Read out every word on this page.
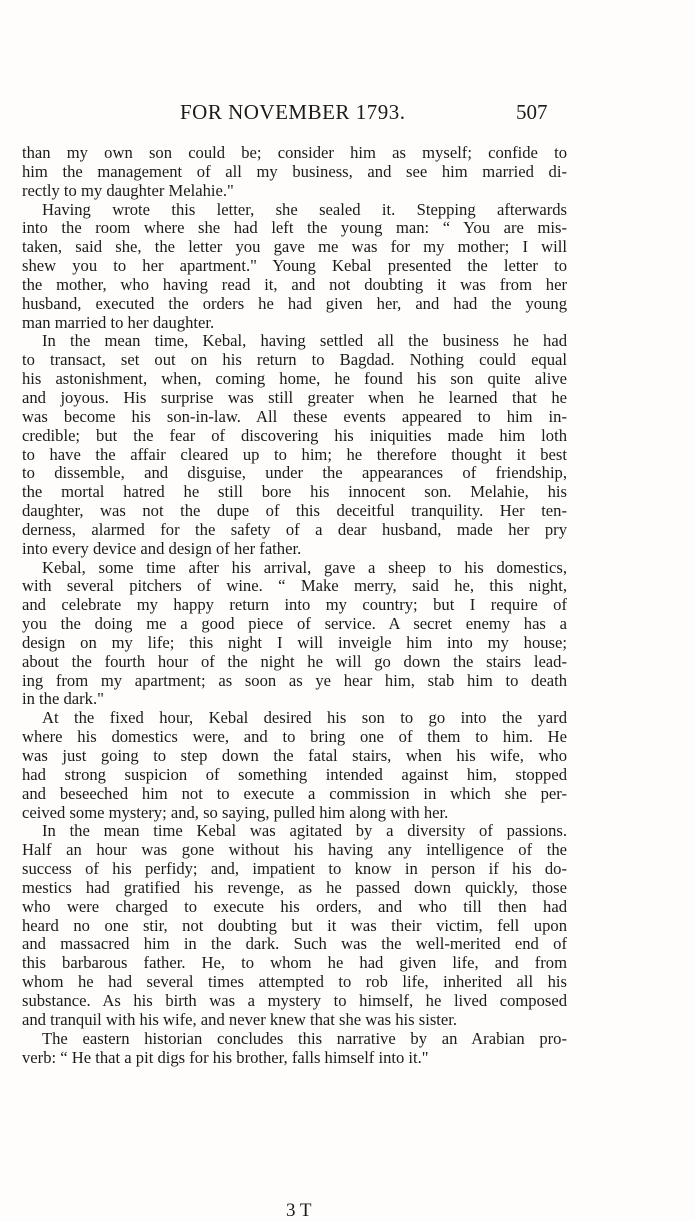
FOR NOVEMBER 1793.	507
than my own son could be; consider him as myself; confide to
him the management of all my business, and see him married di-
rectly to my daughter Melahie."
Having wrote this letter, she sealed it. Stepping afterwards
into the room where she had left the young man: “ You are mis-
taken, said she, the letter you gave me was for my mother; I will
shew you to her apartment." Young Kebal presented the letter to
the mother, who having read it, and not doubting it was from her
husband, executed the orders he had given her, and had the young
man married to her daughter.
In the mean time, Kebal, having settled all the business he had
to transact, set out on his return to Bagdad. Nothing could equal
his astonishment, when, coming home, he found his son quite alive
and joyous. His surprise was still greater when he learned that he
was become his son-in-law. All these events appeared to him in-
credible; but the fear of discovering his iniquities made him loth
to have the affair cleared up to him; he therefore thought it best
to dissemble, and disguise, under the appearances of friendship,
the mortal hatred he still bore his innocent son. Melahie, his
daughter, was not the dupe of this deceitful tranquility. Her ten-
derness, alarmed for the safety of a dear husband, made her pry
into every device and design of her father.
Kebal, some time after his arrival, gave a sheep to his domestics,
with several pitchers of wine. “ Make merry, said he, this night,
and celebrate my happy return into my country; but I require of
you the doing me a good piece of service. A secret enemy has a
design on my life; this night I will inveigle him into my house;
about the fourth hour of the night he will go down the stairs lead-
ing from my apartment; as soon as ye hear him, stab him to death
in the dark."
At the fixed hour, Kebal desired his son to go into the yard
where his domestics were, and to bring one of them to him. He
was just going to step down the fatal stairs, when his wife, who
had strong suspicion of something intended against him, stopped
and beseeched him not to execute a commission in which she per-
ceived some mystery; and, so saying, pulled him along with her.
In the mean time Kebal was agitated by a diversity of passions.
Half an hour was gone without his having any intelligence of the
success of his perfidy; and, impatient to know in person if his do-
mestics had gratified his revenge, as he passed down quickly, those
who were charged to execute his orders, and who till then had
heard no one stir, not doubting but it was their victim, fell upon
and massacred him in the dark. Such was the well-merited end of
this barbarous father. He, to whom he had given life, and from
whom he had several times attempted to rob life, inherited all his
substance. As his birth was a mystery to himself, he lived composed
and tranquil with his wife, and never knew that she was his sister.
The eastern historian concludes this narrative by an Arabian pro-
verb: “ He that a pit digs for his brother, falls himself into it."
3 T
